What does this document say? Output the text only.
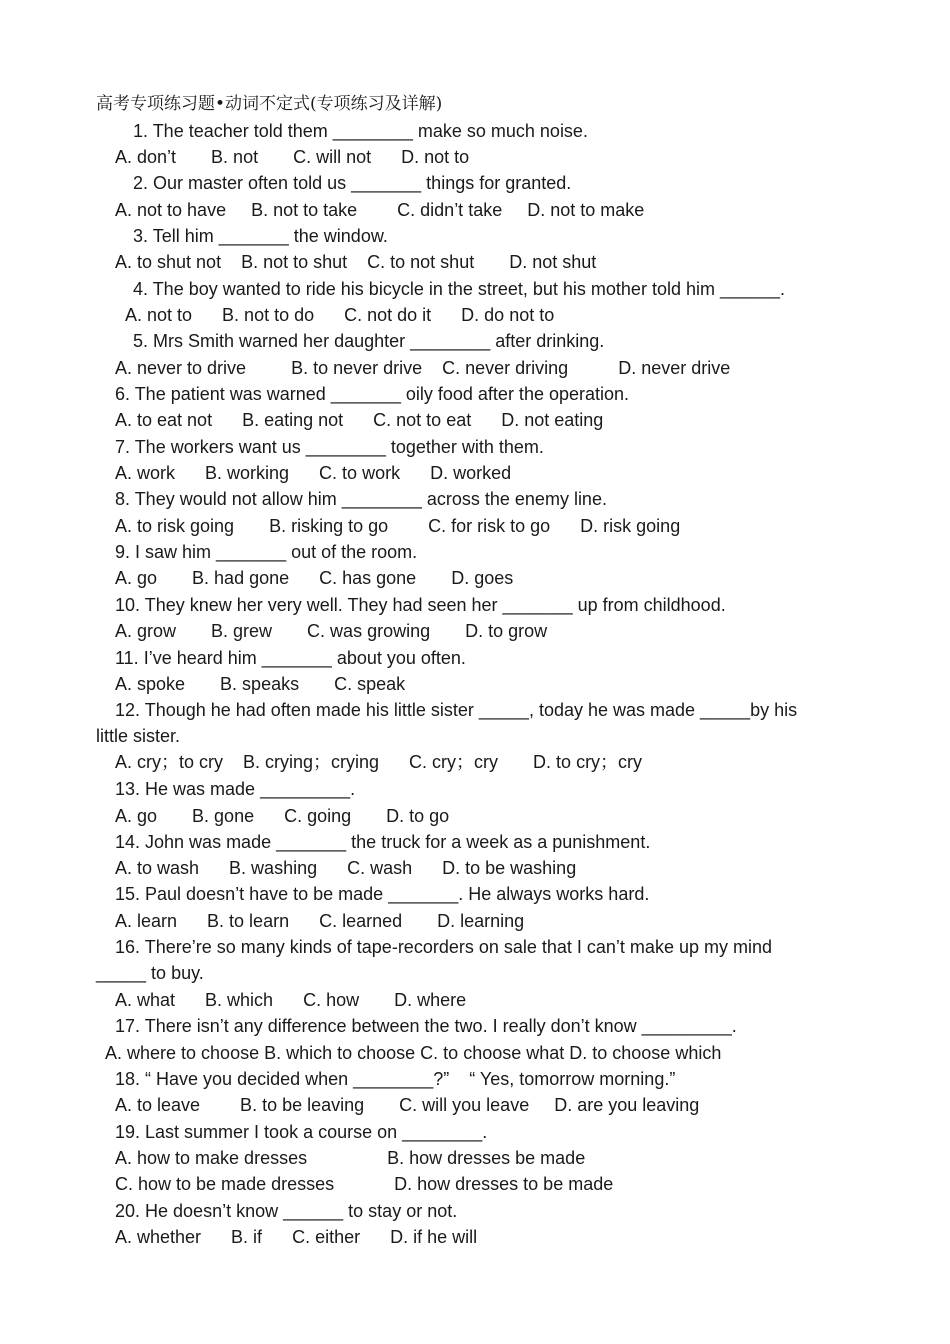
高考专项练习题•动词不定式(专项练习及详解)
1. The teacher told them ________ make so much noise.
A. don’t       B. not       C. will not      D. not to
2. Our master often told us _______ things for granted.
A. not to have     B. not to take        C. didn’t take     D. not to make
3. Tell him _______ the window.
A. to shut not    B. not to shut    C. to not shut       D. not shut
4. The boy wanted to ride his bicycle in the street, but his mother told him ______.
A. not to      B. not to do      C. not do it      D. do not to
5. Mrs Smith warned her daughter ________ after drinking.
A. never to drive         B. to never drive    C. never driving          D. never drive
6. The patient was warned _______ oily food after the operation.
A. to eat not      B. eating not      C. not to eat      D. not eating
7. The workers want us ________ together with them.
A. work      B. working      C. to work      D. worked
8. They would not allow him ________ across the enemy line.
A. to risk going       B. risking to go        C. for risk to go      D. risk going
9. I saw him _______ out of the room.
A. go       B. had gone      C. has gone       D. goes
10. They knew her very well. They had seen her _______ up from childhood.
A. grow       B. grew       C. was growing       D. to grow
11. I’ve heard him _______ about you often.
A. spoke       B. speaks       C. speak
12. Though he had often made his little sister _____, today he was made _____by his
little sister.
A. cry；to cry    B. crying；crying      C. cry；cry       D. to cry；cry
13. He was made _________.
A. go       B. gone      C. going       D. to go
14. John was made _______ the truck for a week as a punishment.
A. to wash      B. washing      C. wash      D. to be washing
15. Paul doesn’t have to be made _______. He always works hard.
A. learn      B. to learn      C. learned       D. learning
16. There’re so many kinds of tape-recorders on sale that I can’t make up my mind
_____ to buy.
A. what      B. which      C. how       D. where
17. There isn’t any difference between the two. I really don’t know _________.
A. where to choose B. which to choose C. to choose what D. to choose which
18. “ Have you decided when ________?”    “ Yes, tomorrow morning.”
A. to leave        B. to be leaving       C. will you leave     D. are you leaving
19. Last summer I took a course on ________.
A. how to make dresses                B. how dresses be made
C. how to be made dresses            D. how dresses to be made
20. He doesn’t know ______ to stay or not.
A. whether      B. if      C. either      D. if he will
